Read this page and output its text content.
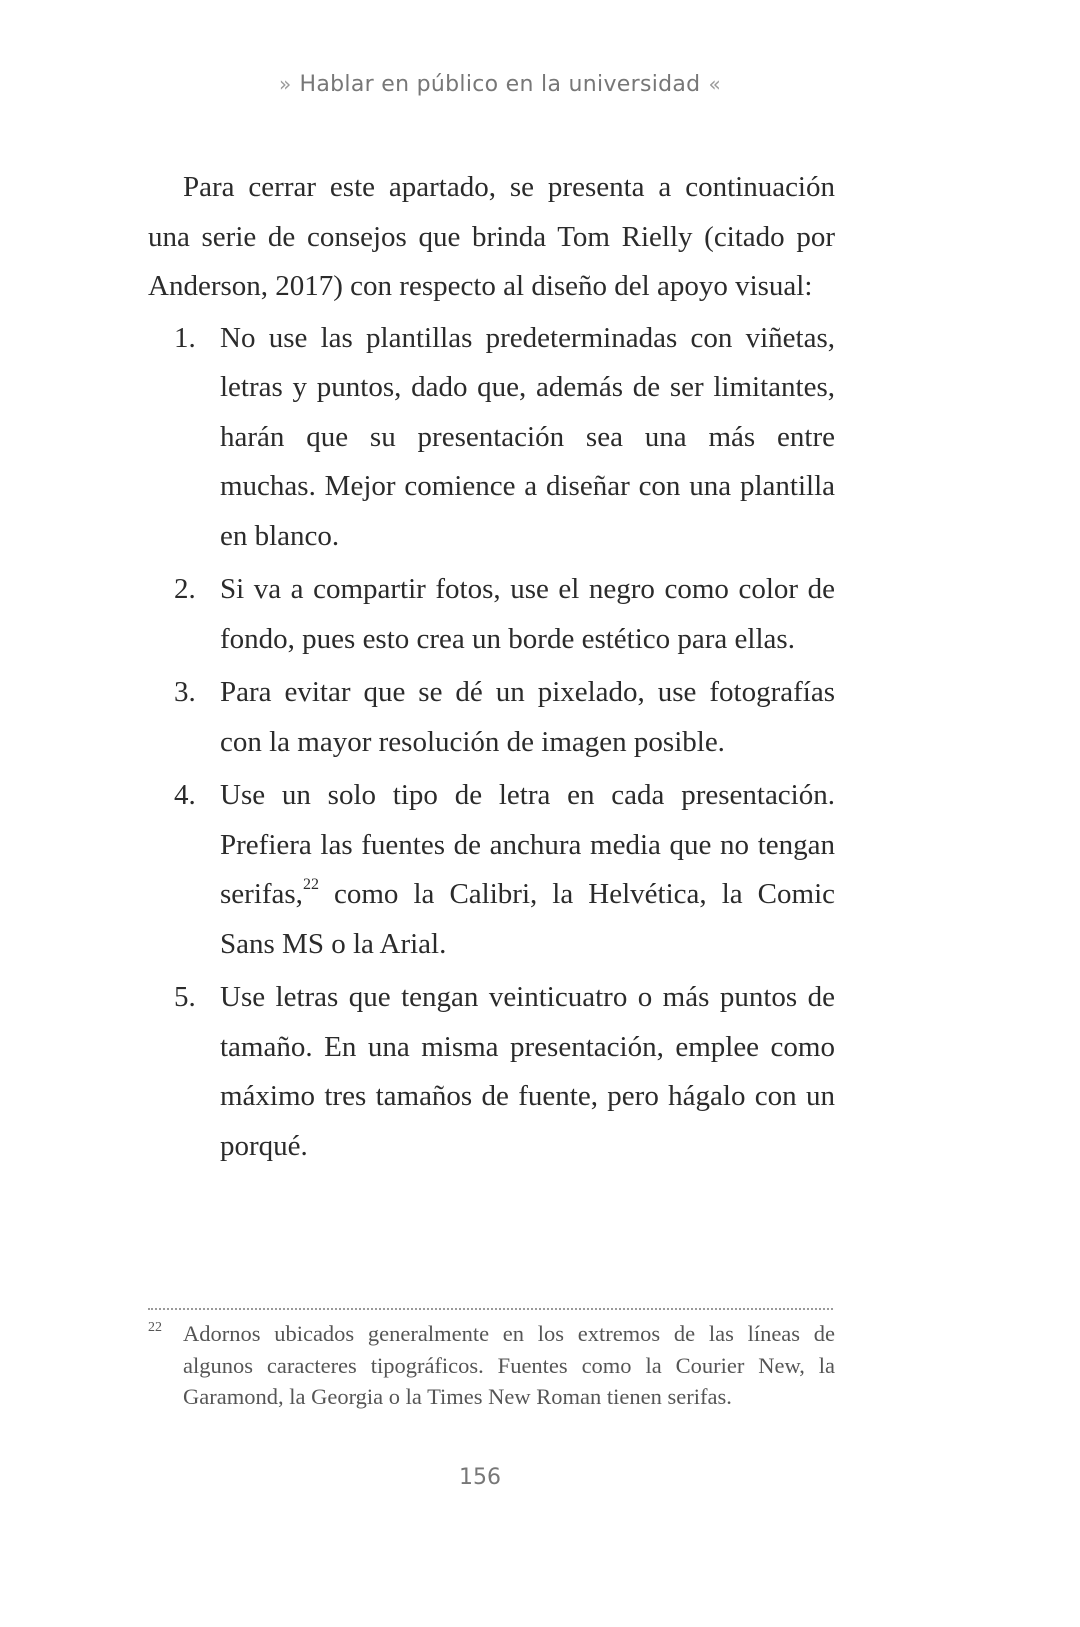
» Hablar en público en la universidad «

Para cerrar este apartado, se presenta a continuación una serie de consejos que brinda Tom Rielly (citado por Anderson, 2017) con respecto al diseño del apoyo visual:

1. No use las plantillas predeterminadas con viñetas, letras y puntos, dado que, además de ser limitantes, harán que su presentación sea una más entre muchas. Mejor comience a diseñar con una plantilla en blanco.
2. Si va a compartir fotos, use el negro como color de fondo, pues esto crea un borde estético para ellas.
3. Para evitar que se dé un pixelado, use fotografías con la mayor resolución de imagen posible.
4. Use un solo tipo de letra en cada presentación. Prefiera las fuentes de anchura media que no tengan serifas,$^{22}$ como la Calibri, la Helvética, la Comic Sans MS o la Arial.
5. Use letras que tengan veinticuatro o más puntos de tamaño. En una misma presentación, emplee como máximo tres tamaños de fuente, pero hágalo con un porqué.
22 Adornos ubicados generalmente en los extremos de las líneas de algunos caracteres tipográficos. Fuentes como la Courier New, la Garamond, la Georgia o la Times New Roman tienen serifas.
156
